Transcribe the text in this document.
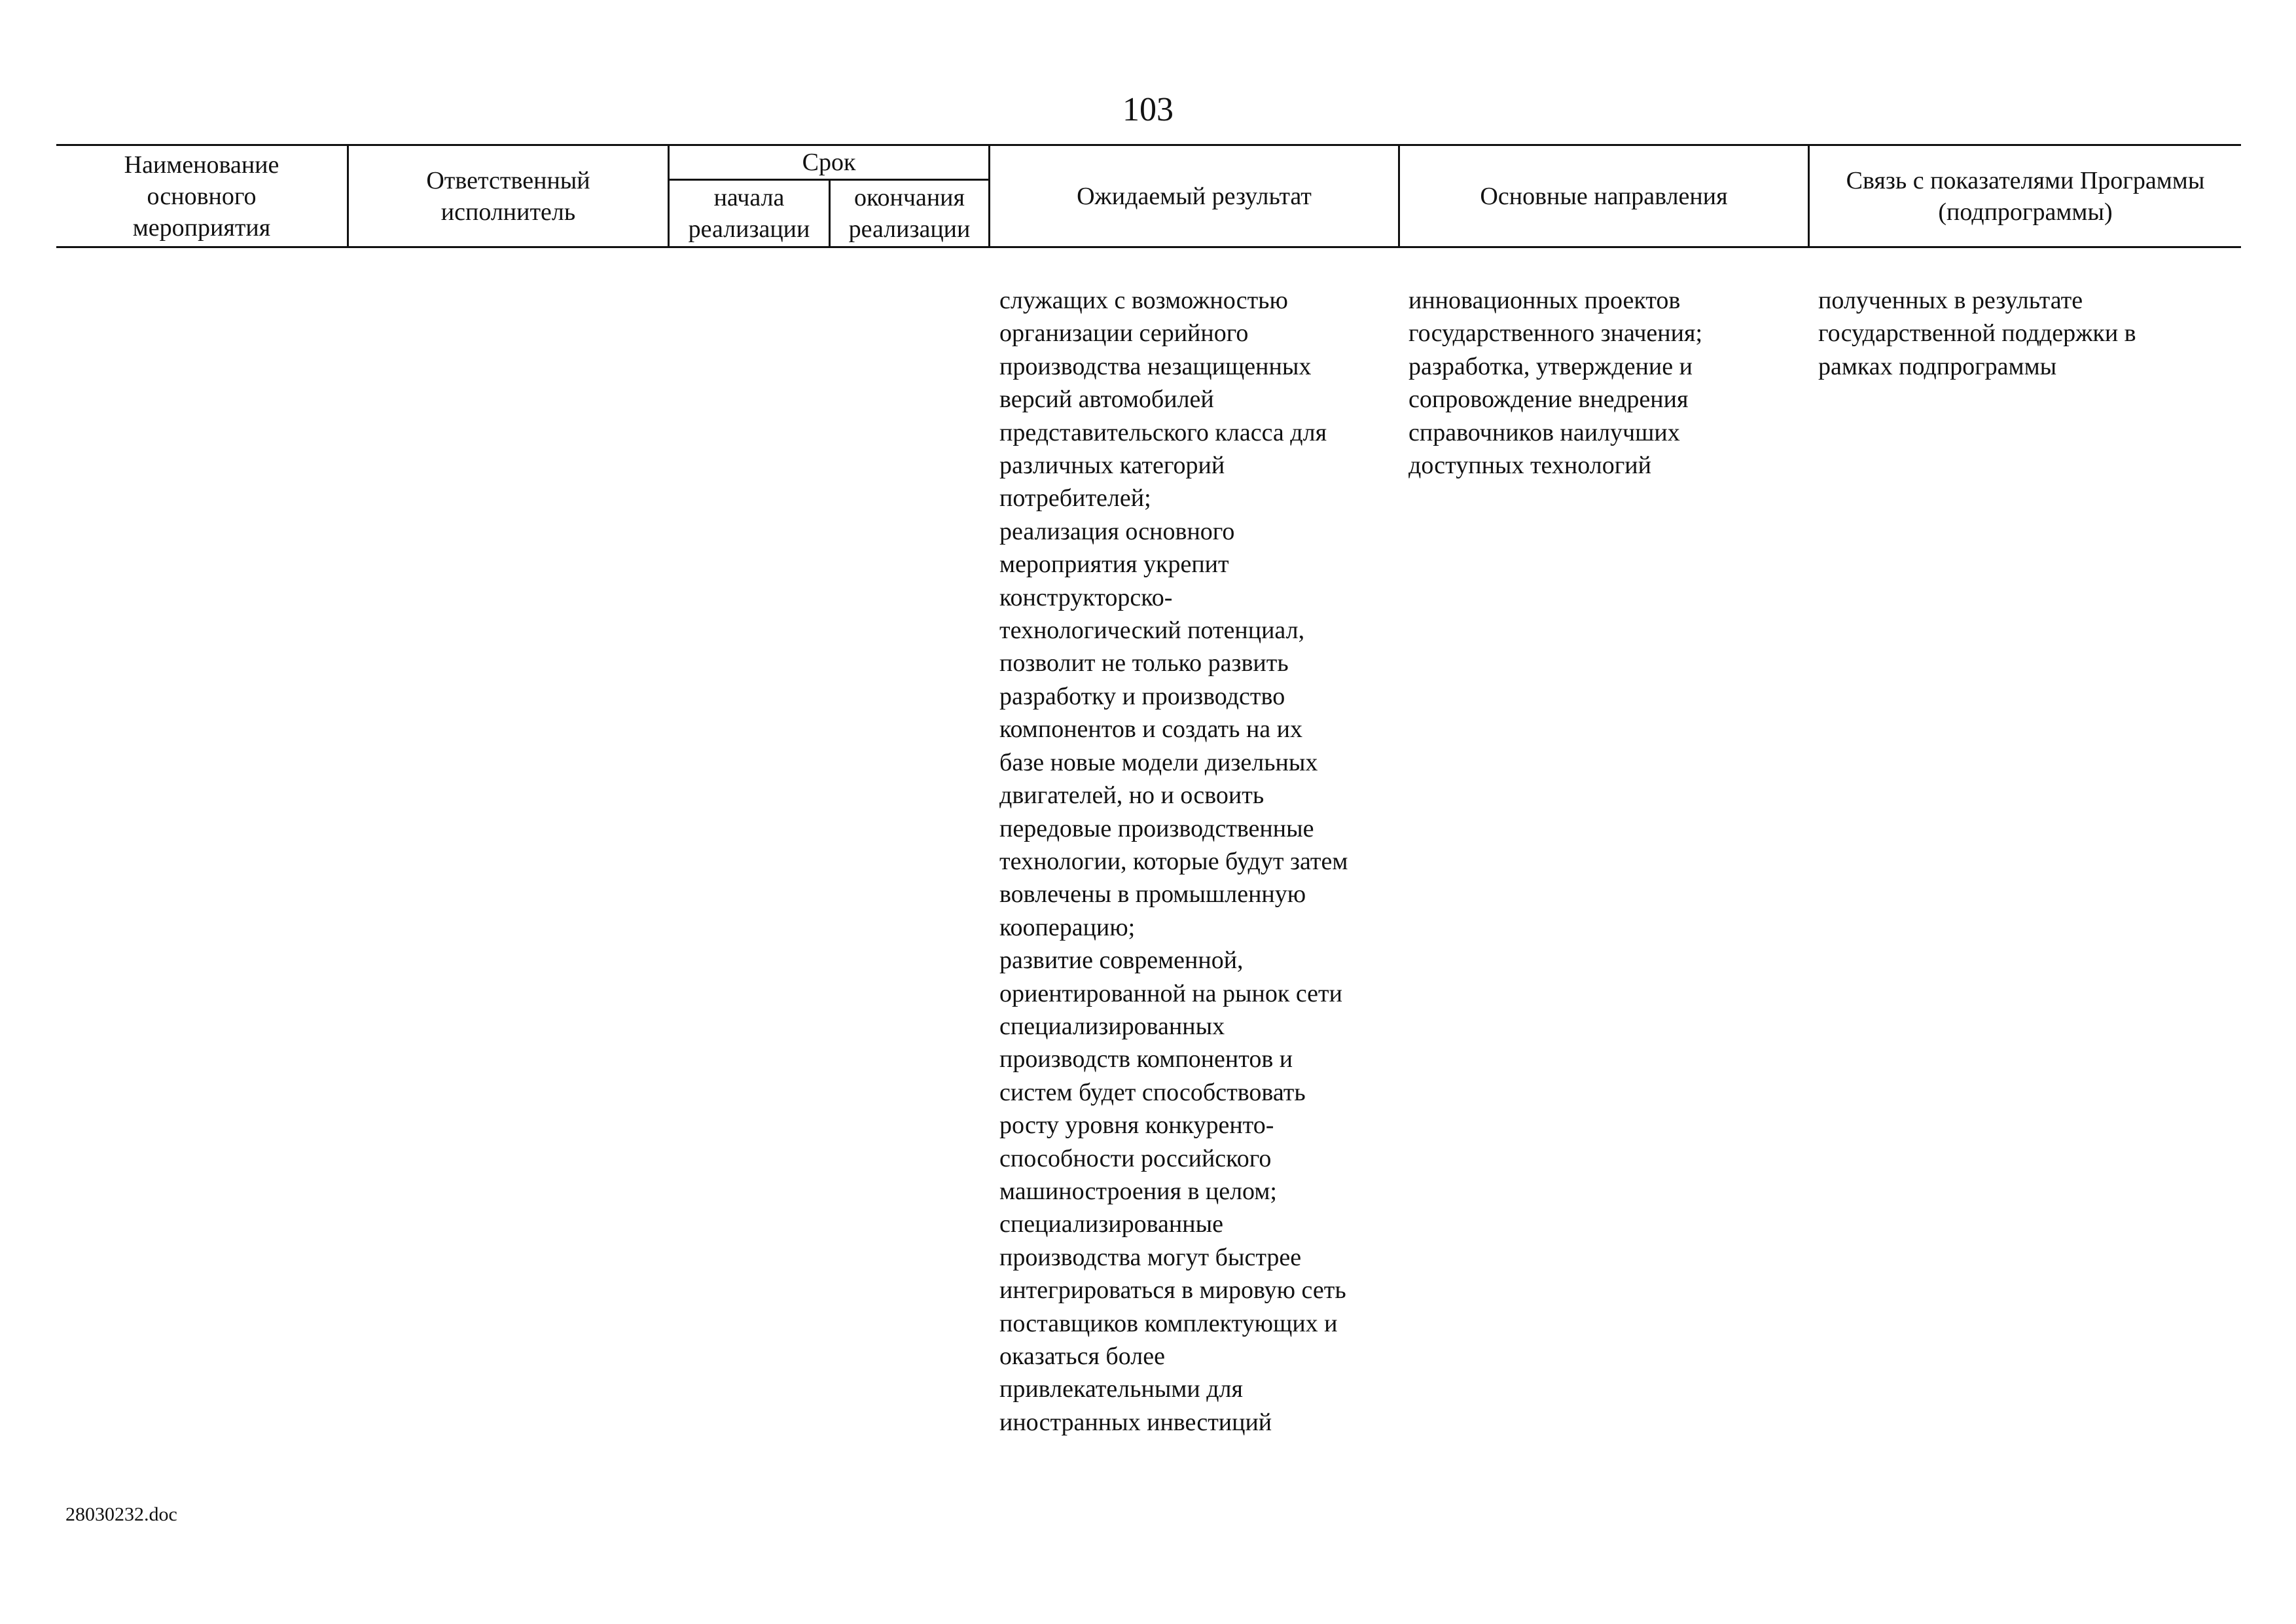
103
Наименование
основного
мероприятия
Ответственный
исполнитель
Срок
начала
реализации
окончания
реализации
Ожидаемый результат	Основные направления
Связь с показателями Программы
(подпрограммы)
служащих с возможностью
организации серийного
производства незащищенных
версий автомобилей
представительского класса для
различных категорий
потребителей;
реализация основного
мероприятия укрепит
конструкторско-
технологический потенциал,
позволит не только развить
разработку и производство
компонентов и создать на их
базе новые модели дизельных
двигателей, но и освоить
передовые производственные
технологии, которые будут затем
вовлечены в промышленную
кооперацию;
развитие современной,
ориентированной на рынок сети
специализированных
производств компонентов и
систем будет способствовать
росту уровня конкуренто-
способности российского
машиностроения в целом;
специализированные
производства могут быстрее
интегрироваться в мировую сеть
поставщиков комплектующих и
оказаться более
привлекательными для
иностранных инвестиций
инновационных проектов
государственного значения;
разработка, утверждение и
сопровождение внедрения
справочников наилучших
доступных технологий
полученных в результате
государственной поддержки в
рамках подпрограммы
28030232.doc
